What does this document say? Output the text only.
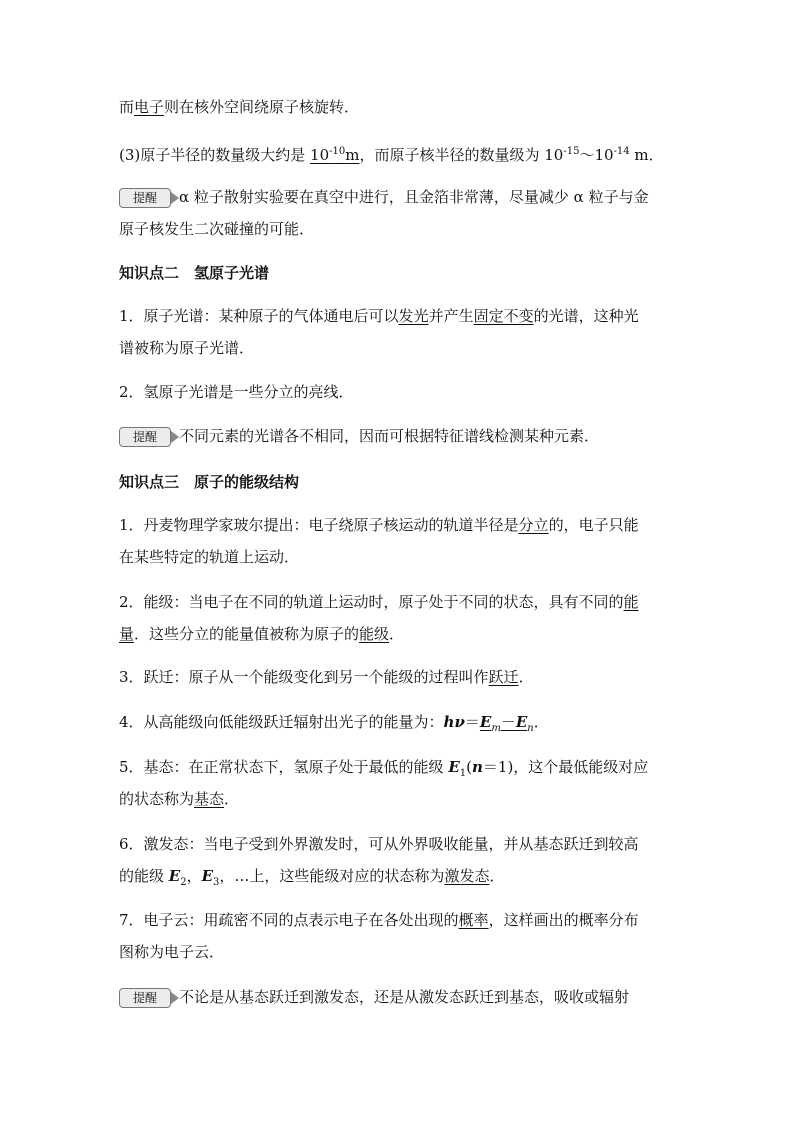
而电子则在核外空间绕原子核旋转．
(3)原子半径的数量级大约是 $10^{-10}m$，而原子核半径的数量级为 $10^{-15}\sim 10^{-14}$ m．
提醒 α 粒子散射实验要在真空中进行，且金箔非常薄，尽量减少 α 粒子与金
原子核发生二次碰撞的可能．
知识点二　氢原子光谱
1．原子光谱：某种原子的气体通电后可以发光并产生固定不变的光谱，这种光
谱被称为原子光谱．
2．氢原子光谱是一些分立的亮线．
提醒 不同元素的光谱各不相同，因而可根据特征谱线检测某种元素．
知识点三　原子的能级结构
1．丹麦物理学家玻尔提出：电子绕原子核运动的轨道半径是分立的，电子只能
在某些特定的轨道上运动．
2．能级：当电子在不同的轨道上运动时，原子处于不同的状态，具有不同的能
量．这些分立的能量值被称为原子的能级．
3．跃迁：原子从一个能级变化到另一个能级的过程叫作跃迁．
4．从高能级向低能级跃迁辐射出光子的能量为：$h\nu=E_m-E_n$．
5．基态：在正常状态下，氢原子处于最低的能级 $E_1(n=1)$，这个最低能级对应
的状态称为基态．
6．激发态：当电子受到外界激发时，可从外界吸收能量，并从基态跃迁到较高
的能级 $E_2$，$E_3$，…上，这些能级对应的状态称为激发态．
7．电子云：用疏密不同的点表示电子在各处出现的概率，这样画出的概率分布
图称为电子云．
提醒 不论是从基态跃迁到激发态，还是从激发态跃迁到基态，吸收或辐射
